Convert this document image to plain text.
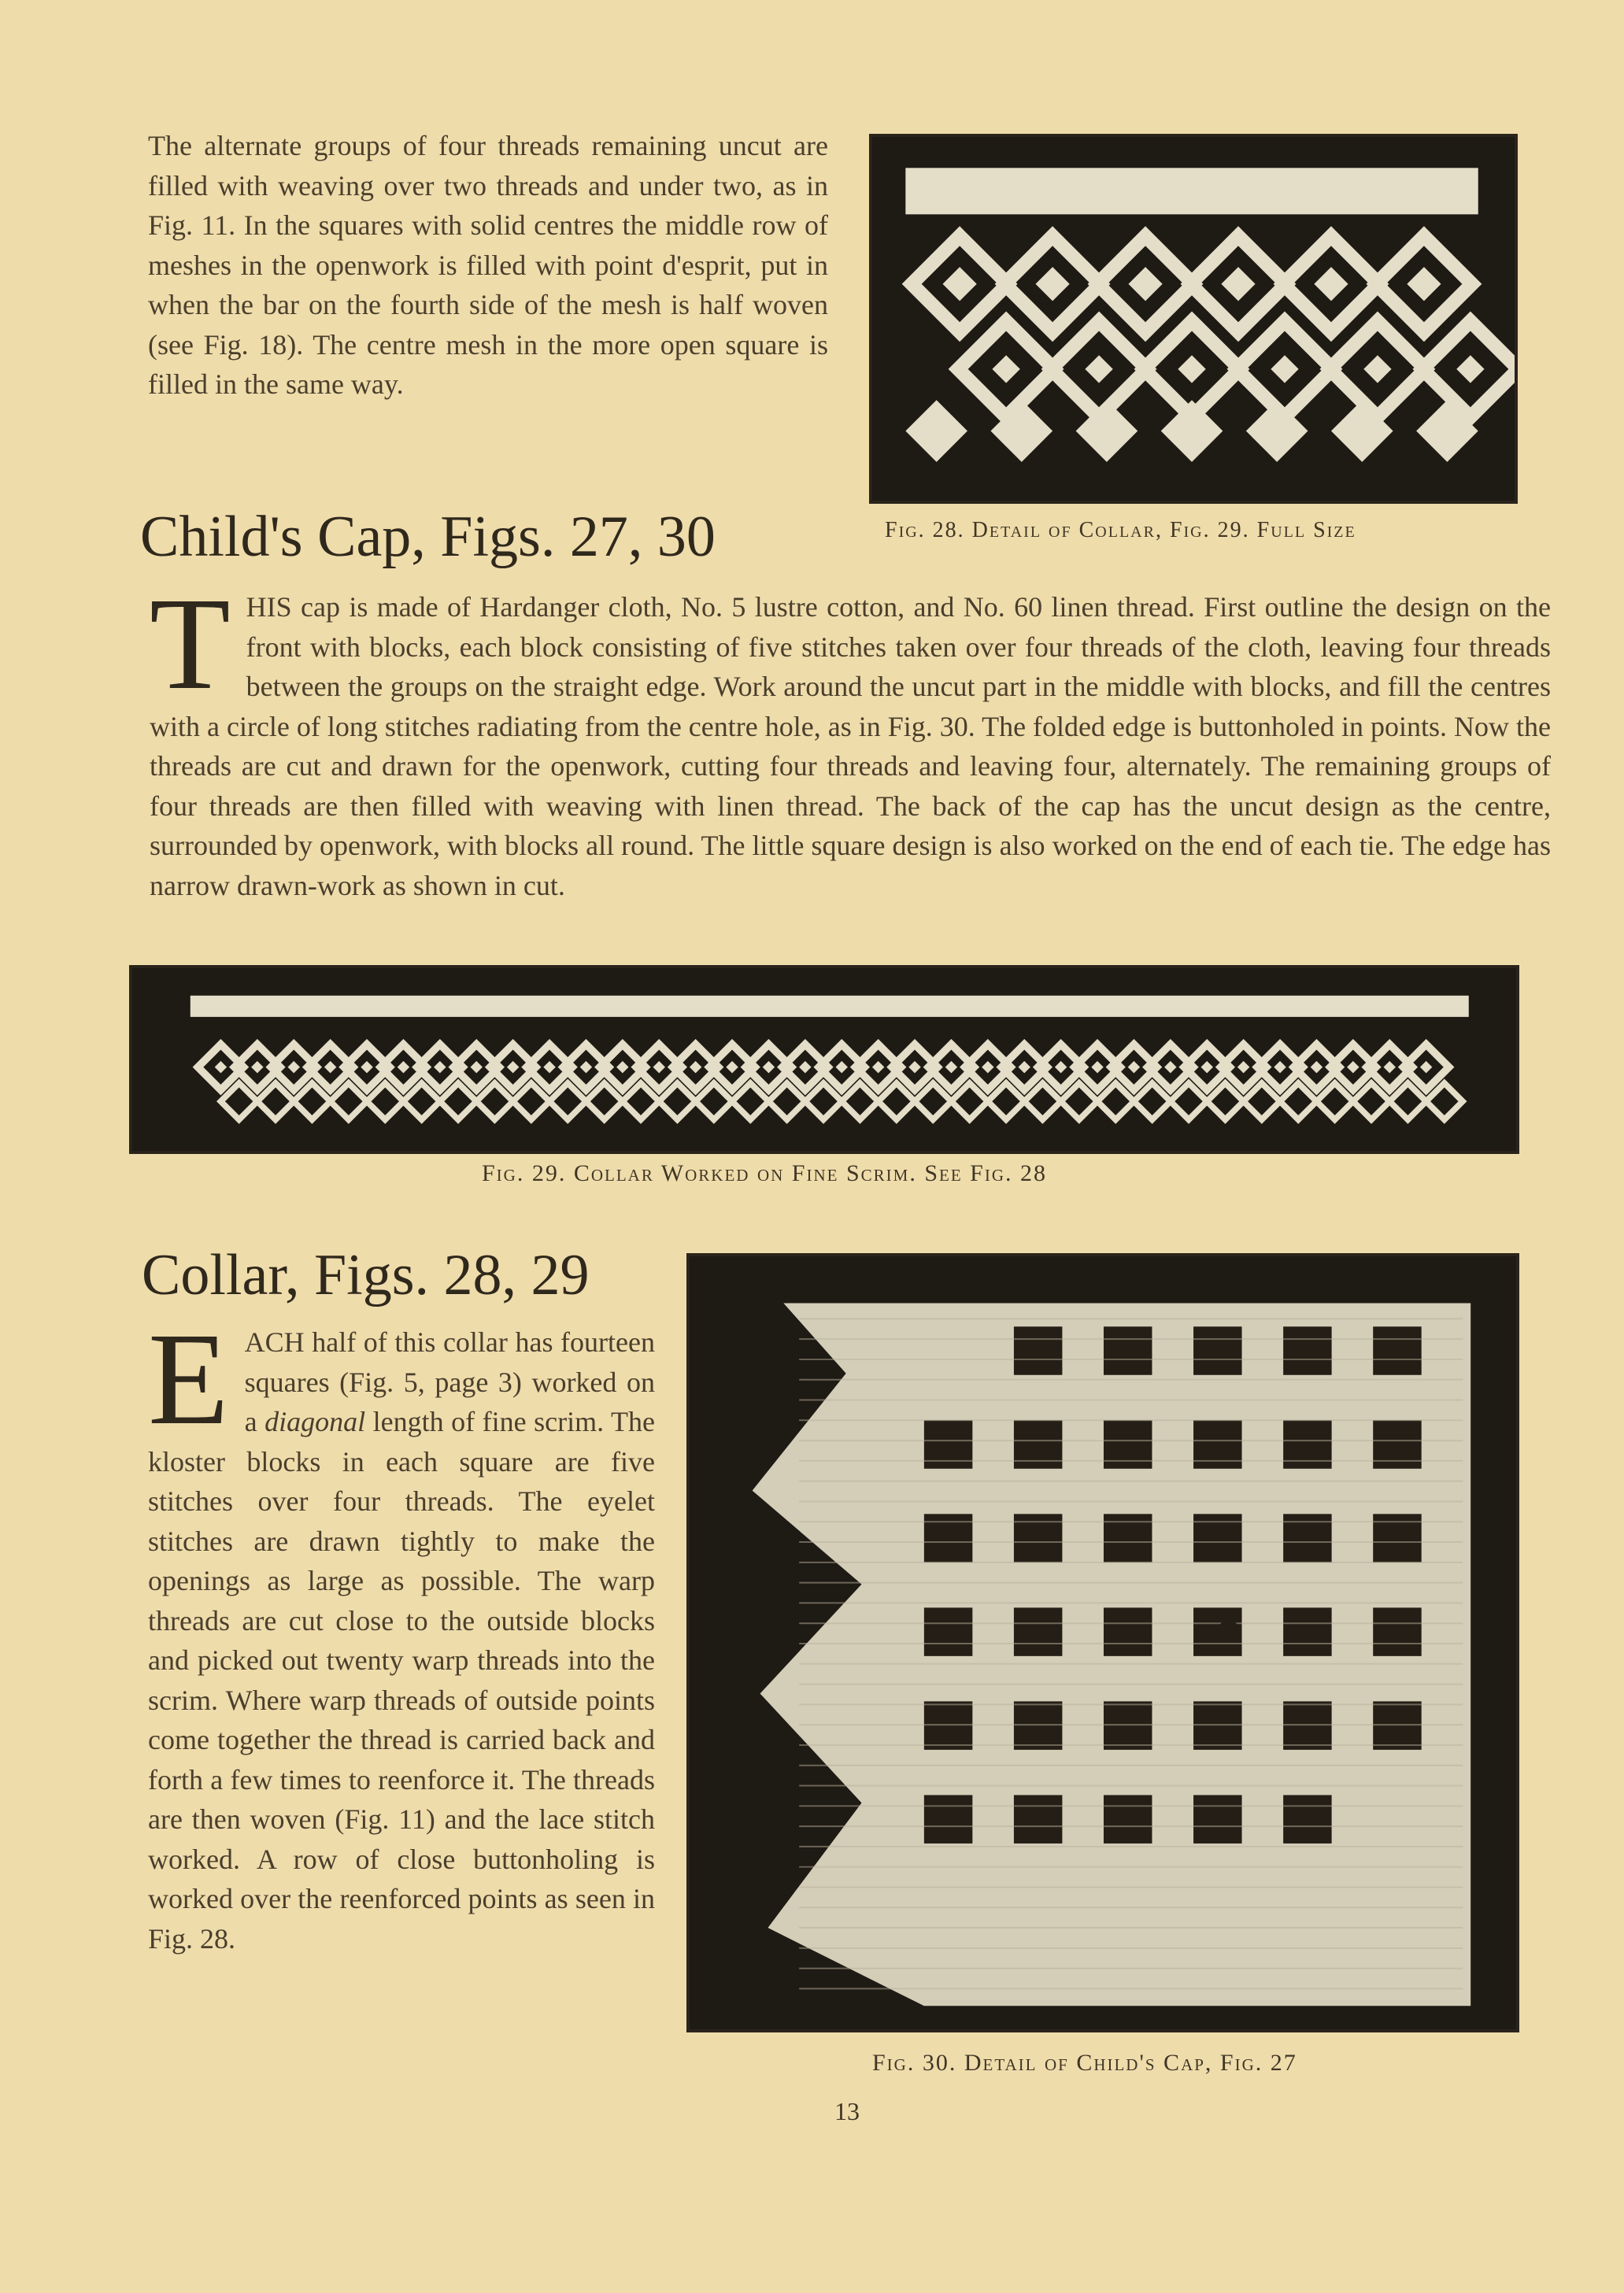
The alternate groups of four threads remaining uncut are filled with weaving over two threads and under two, as in Fig. 11. In the squares with solid centres the middle row of meshes in the openwork is filled with point d'esprit, put in when the bar on the fourth side of the mesh is half woven (see Fig. 18). The centre mesh in the more open square is filled in the same way.
Fig. 28. Detail of Collar, Fig. 29. Full Size
Child's Cap, Figs. 27, 30
T HIS cap is made of Hardanger cloth, No. 5 lustre cotton, and No. 60 linen thread. First outline the design on the front with blocks, each block consisting of five stitches taken over four threads of the cloth, leaving four threads between the groups on the straight edge. Work around the uncut part in the middle with blocks, and fill the centres with a circle of long stitches radiating from the centre hole, as in Fig. 30. The folded edge is buttonholed in points. Now the threads are cut and drawn for the openwork, cutting four threads and leaving four, alternately. The remaining groups of four threads are then filled with weaving with linen thread. The back of the cap has the uncut design as the centre, surrounded by openwork, with blocks all round. The little square design is also worked on the end of each tie. The edge has narrow drawn-work as shown in cut.
Fig. 29. Collar Worked on Fine Scrim. See Fig. 28
Collar, Figs. 28, 29
E ACH half of this collar has fourteen squares (Fig. 5, page 3) worked on a diagonal length of fine scrim. The kloster blocks in each square are five stitches over four threads. The eyelet stitches are drawn tightly to make the openings as large as possible. The warp threads are cut close to the outside blocks and picked out twenty warp threads into the scrim. Where warp threads of outside points come together the thread is carried back and forth a few times to reenforce it. The threads are then woven (Fig. 11) and the lace stitch worked. A row of close buttonholing is worked over the reenforced points as seen in Fig. 28.
Fig. 30. Detail of Child's Cap, Fig. 27
13
